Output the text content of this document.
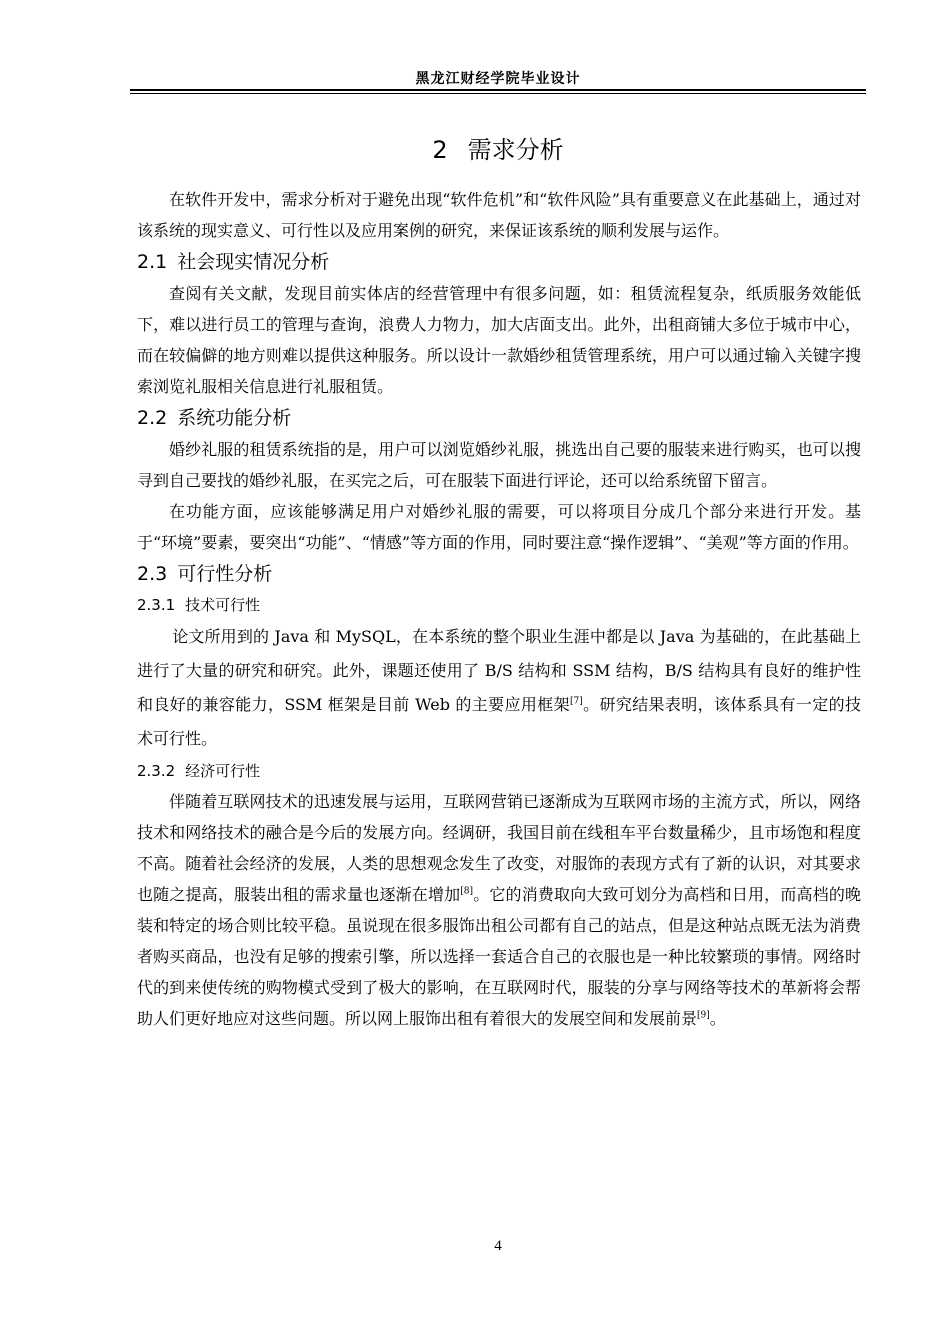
黑龙江财经学院毕业设计
2 需求分析

在软件开发中，需求分析对于避免出现“软件危机”和“软件风险”具有重要意义在此基础上，通过对该系统的现实意义、可行性以及应用案例的研究，来保证该系统的顺利发展与运作。

2.1 社会现实情况分析

查阅有关文献，发现目前实体店的经营管理中有很多问题，如：租赁流程复杂，纸质服务效能低下，难以进行员工的管理与查询，浪费人力物力，加大店面支出。此外，出租商铺大多位于城市中心，而在较偏僻的地方则难以提供这种服务。所以设计一款婚纱租赁管理系统，用户可以通过输入关键字搜索浏览礼服相关信息进行礼服租赁。

2.2 系统功能分析

婚纱礼服的租赁系统指的是，用户可以浏览婚纱礼服，挑选出自己要的服装来进行购买，也可以搜寻到自己要找的婚纱礼服，在买完之后，可在服装下面进行评论，还可以给系统留下留言。

在功能方面，应该能够满足用户对婚纱礼服的需要，可以将项目分成几个部分来进行开发。基于“环境”要素，要突出“功能”、“情感”等方面的作用，同时要注意“操作逻辑”、“美观”等方面的作用。

2.3 可行性分析
2.3.1 技术可行性

论文所用到的 Java 和 MySQL，在本系统的整个职业生涯中都是以 Java 为基础的，在此基础上进行了大量的研究和研究。此外，课题还使用了 B/S 结构和 SSM 结构，B/S 结构具有良好的维护性和良好的兼容能力，SSM 框架是目前 Web 的主要应用框架[7]。研究结果表明，该体系具有一定的技术可行性。

2.3.2 经济可行性

伴随着互联网技术的迅速发展与运用，互联网营销已逐渐成为互联网市场的主流方式，所以，网络技术和网络技术的融合是今后的发展方向。经调研，我国目前在线租车平台数量稀少，且市场饱和程度不高。随着社会经济的发展，人类的思想观念发生了改变，对服饰的表现方式有了新的认识，对其要求也随之提高，服装出租的需求量也逐渐在增加[8]。它的消费取向大致可划分为高档和日用，而高档的晚装和特定的场合则比较平稳。虽说现在很多服饰出租公司都有自己的站点，但是这种站点既无法为消费者购买商品，也没有足够的搜索引擎，所以选择一套适合自己的衣服也是一种比较繁琐的事情。网络时代的到来使传统的购物模式受到了极大的影响，在互联网时代，服装的分享与网络等技术的革新将会帮助人们更好地应对这些问题。所以网上服饰出租有着很大的发展空间和发展前景[9]。

4
